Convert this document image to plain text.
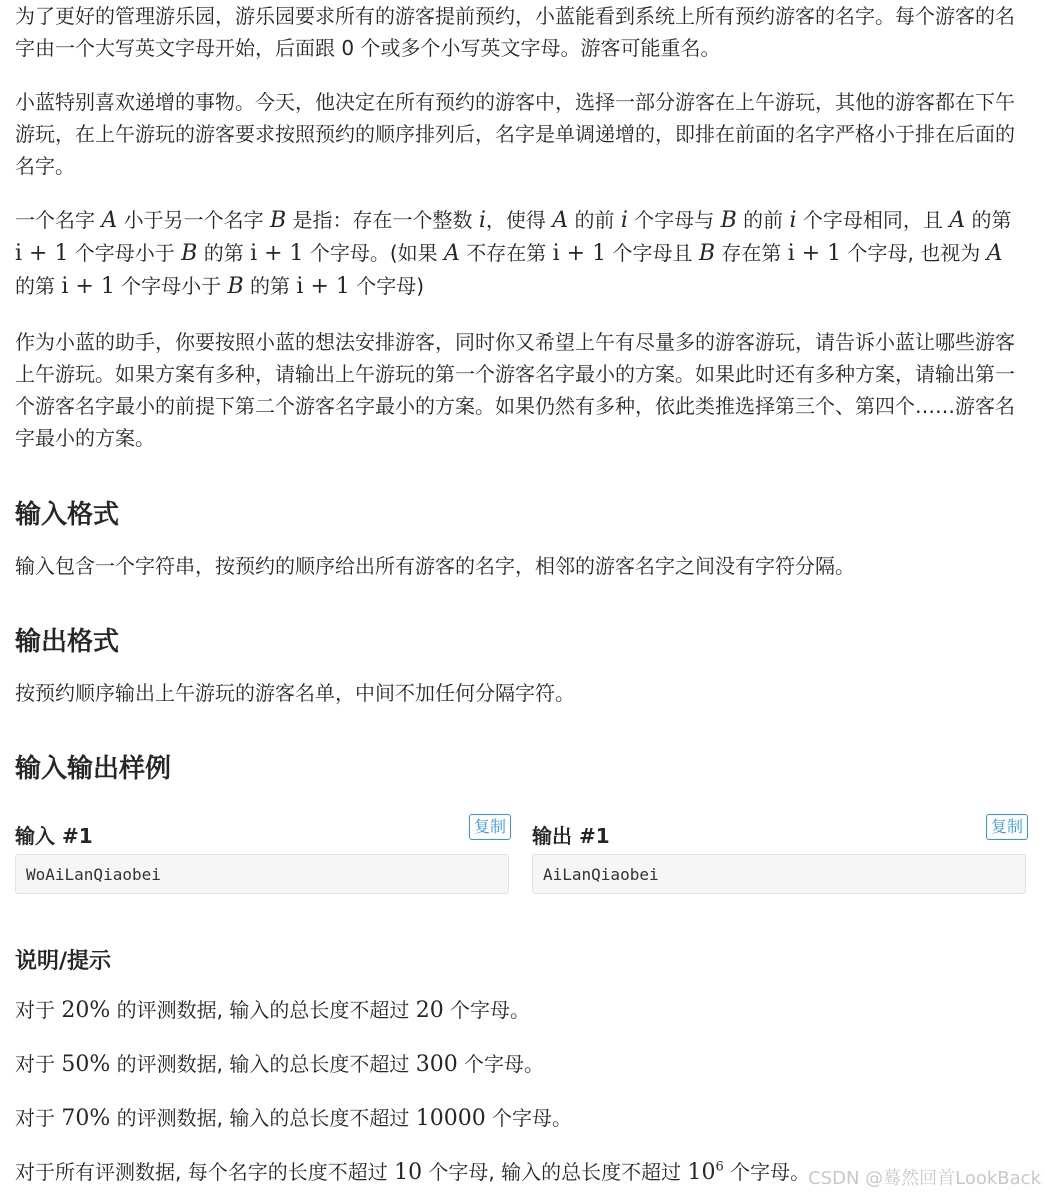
为了更好的管理游乐园，游乐园要求所有的游客提前预约，小蓝能看到系统上所有预约游客的名字。每个游客的名字由一个大写英文字母开始，后面跟 0 个或多个小写英文字母。游客可能重名。

小蓝特别喜欢递增的事物。今天，他决定在所有预约的游客中，选择一部分游客在上午游玩，其他的游客都在下午游玩，在上午游玩的游客要求按照预约的顺序排列后，名字是单调递增的，即排在前面的名字严格小于排在后面的名字。

一个名字 A 小于另一个名字 B 是指：存在一个整数 i，使得 A 的前 i 个字母与 B 的前 i 个字母相同，且 A 的第 i + 1 个字母小于 B 的第 i + 1 个字母。(如果 A 不存在第 i + 1 个字母且 B 存在第 i + 1 个字母, 也视为 A 的第 i + 1 个字母小于 B 的第 i + 1 个字母)

作为小蓝的助手，你要按照小蓝的想法安排游客，同时你又希望上午有尽量多的游客游玩，请告诉小蓝让哪些游客上午游玩。如果方案有多种，请输出上午游玩的第一个游客名字最小的方案。如果此时还有多种方案，请输出第一个游客名字最小的前提下第二个游客名字最小的方案。如果仍然有多种，依此类推选择第三个、第四个……游客名字最小的方案。

输入格式

输入包含一个字符串，按预约的顺序给出所有游客的名字，相邻的游客名字之间没有字符分隔。

输出格式

按预约顺序输出上午游玩的游客名单，中间不加任何分隔字符。

输入输出样例
输入 #1	复制
WoAiLanQiaobei
输出 #1	复制
AiLanQiaobei
说明/提示

对于 20% 的评测数据, 输入的总长度不超过 20 个字母。

对于 50% 的评测数据, 输入的总长度不超过 300 个字母。

对于 70% 的评测数据, 输入的总长度不超过 10000 个字母。

对于所有评测数据, 每个名字的长度不超过 10 个字母, 输入的总长度不超过 $10^6$ 个字母。

CSDN @蓦然回首LookBack
